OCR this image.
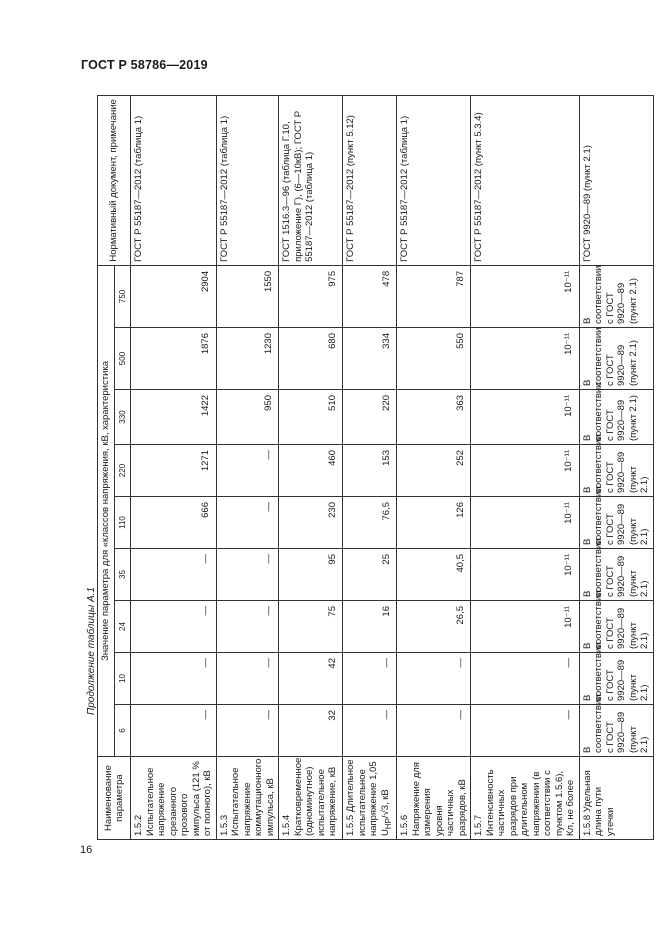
ГОСТ Р 58786—2019
Продолжение таблицы А.1
Наименование параметра	Значение параметра для «классов напряжения, кВ, характеристика									Нормативный документ, примечание
	6	10	24	35	110	220	330	500	750	
1.5.2 Испытательное напряжение срезанного грозового импульса (121 % от полного), кВ	—	—	—	—	666	1271	1422	1876	2904	ГОСТ Р 55187—2012 (таблица 1)
1.5.3 Испытательное напряжение коммутационного импульса, кВ	—	—	—	—	—	—	950	1230	1550	ГОСТ Р 55187—2012 (таблица 1)
1.5.4 Кратковременное (одноминутное) испытательное напряжение, кВ	32	42	75	95	230	460	510	680	975	ГОСТ 1516.3—96 (таблица Г.10, приложение Г), (6—10кВ); ГОСТ Р 55187—2012 (таблица 1)
1.5.5 Длительное испытательное напряжение 1,05 $U_{НР}/√3$, кВ	—	—	16	25	76,5	153	220	334	478	ГОСТ Р 55187—2012 (пункт 5.12)
1.5.6 Напряжение для измерения уровня частичных разрядов, кВ	—	—	26,5	40,5	126	252	363	550	787	ГОСТ Р 55187—2012 (таблица 1)
1.5.7 Интенсивность частичных разрядов при длительном напряжении (в соответствии с пунктом 1.5.6), Кл, не более	—	—	10⁻¹¹	10⁻¹¹	10⁻¹¹	10⁻¹¹	10⁻¹¹	10⁻¹¹	10⁻¹¹	ГОСТ Р 55187—2012 (пункт 5.3.4)
1.5.8 Удельная длина пути утечки	В соответствии с ГОСТ 9920—89 (пункт 2.1)	В соответствии с ГОСТ 9920—89 (пункт 2.1)	В соответствии с ГОСТ 9920—89 (пункт 2.1)	В соответствии с ГОСТ 9920—89 (пункт 2.1)	В соответствии с ГОСТ 9920—89 (пункт 2.1)	В соответствии с ГОСТ 9920—89 (пункт 2.1)	В соответствии с ГОСТ 9920—89 (пункт 2.1)	В соответствии с ГОСТ 9920—89 (пункт 2.1)	В соответствии с ГОСТ 9920—89 (пункт 2.1)	ГОСТ 9920—89 (пункт 2.1)
16
